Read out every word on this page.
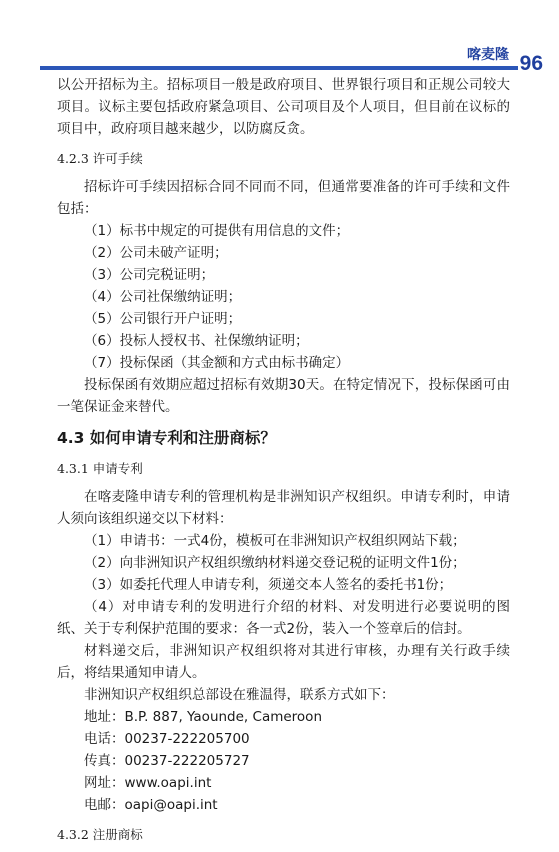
喀麦隆 96

以公开招标为主。招标项目一般是政府项目、世界银行项目和正规公司较大项目。议标主要包括政府紧急项目、公司项目及个人项目，但目前在议标的项目中，政府项目越来越少，以防腐反贪。

4.2.3 许可手续

招标许可手续因招标合同不同而不同，但通常要准备的许可手续和文件包括：

（1）标书中规定的可提供有用信息的文件；

（2）公司未破产证明；

（3）公司完税证明；

（4）公司社保缴纳证明；

（5）公司银行开户证明；

（6）投标人授权书、社保缴纳证明；

（7）投标保函（其金额和方式由标书确定）

投标保函有效期应超过招标有效期30天。在特定情况下，投标保函可由一笔保证金来替代。

4.3 如何申请专利和注册商标？
4.3.1 申请专利

在喀麦隆申请专利的管理机构是非洲知识产权组织。申请专利时，申请人须向该组织递交以下材料：

（1）申请书：一式4份，模板可在非洲知识产权组织网站下载；

（2）向非洲知识产权组织缴纳材料递交登记税的证明文件1份；

（3）如委托代理人申请专利，须递交本人签名的委托书1份；

（4）对申请专利的发明进行介绍的材料、对发明进行必要说明的图纸、关于专利保护范围的要求：各一式2份，装入一个签章后的信封。

材料递交后，非洲知识产权组织将对其进行审核，办理有关行政手续后，将结果通知申请人。

非洲知识产权组织总部设在雅温得，联系方式如下：

地址：B.P. 887, Yaounde, Cameroon

电话：00237-222205700

传真：00237-222205727

网址：www.oapi.int

电邮：oapi@oapi.int

4.3.2 注册商标
